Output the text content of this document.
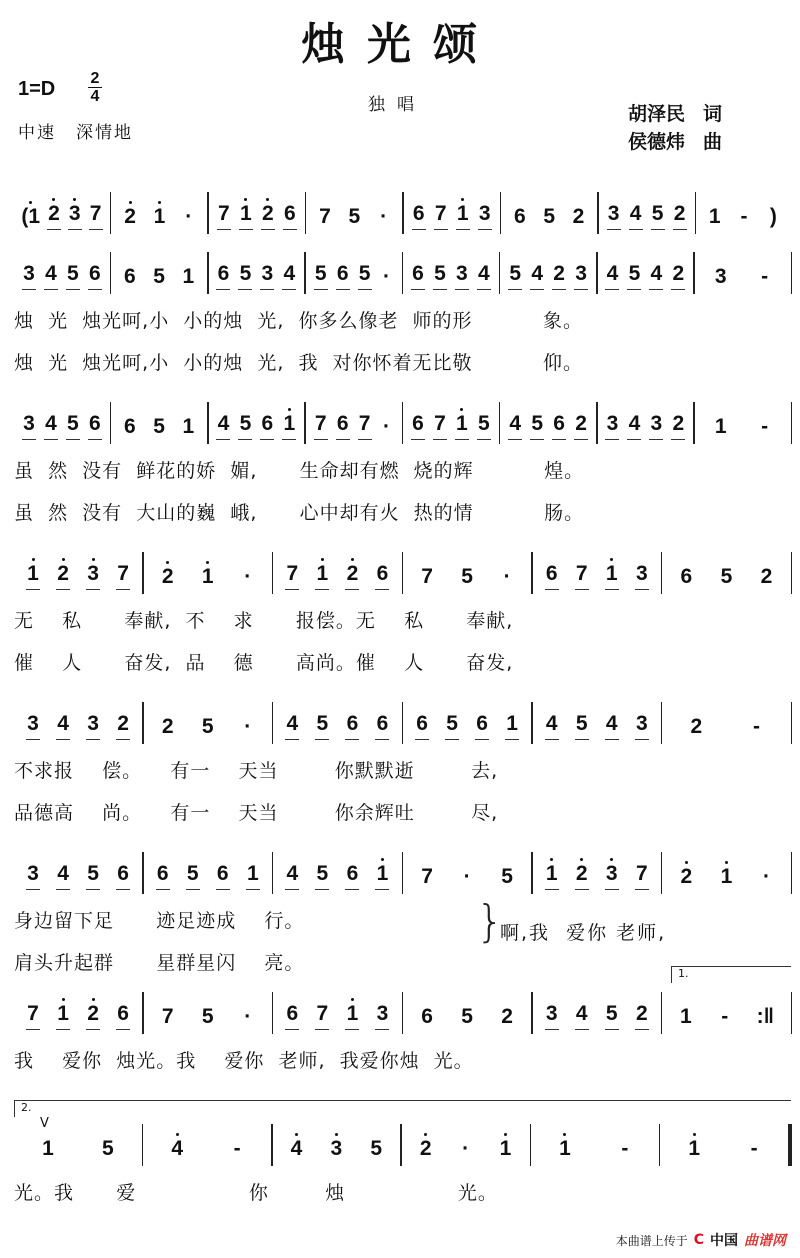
烛光颂
1=D 2
4
中速 深情地
独唱	胡泽民 词
侯德炜 曲
(1 2 3 7 2 1 · 7 1 2 6 7 5 · 6 7 1 3 6 5 2 3 4 5 2 1 - )
3 4 5 6 6 5 1 6 5 3 4 5 6 5 · 6 5 3 4 5 4 2 3 4 5 4 2 3 -
烛  光  烛光呵,小  小的烛  光,  你多么像老  师的形          象。
烛  光  烛光呵,小  小的烛  光,  我  对你怀着无比敬          仰。
3 4 5 6 6 5 1 4 5 6 1 7 6 7 · 6 7 1 5 4 5 6 2 3 4 3 2 1 -
虽  然  没有  鲜花的娇  媚,      生命却有燃  烧的辉          煌。
虽  然  没有  大山的巍  峨,      心中却有火  热的情          肠。
1 2 3 7 2 1 · 7 1 2 6 7 5 · 6 7 1 3 6 5 2
无    私      奉献,  不    求      报偿。无    私      奉献,
催    人      奋发,  品    德      高尚。催    人      奋发,
3 4 3 2 2 5 · 4 5 6 6 6 5 6 1 4 5 4 3 2 -
不求报    偿。    有一    天当        你默默逝        去,
品德高    尚。    有一    天当        你余辉吐        尽,
3 4 5 6 6 5 6 1 4 5 6 1 7 · 5 1 2 3 7 2 1 ·
身边留下足      迹足迹成    行。
肩头升起群      星群星闪    亮。
}
啊,我  爱你 老师,
7 1 2 6 7 5 · 6 7 1 3 6 5 2 3 4 5 2 1 - :‖
1.
我    爱你  烛光。我    爱你  老师,  我爱你烛  光。
1 5	4 - 4 3 5 2 · 1 1 -	1 -
2.
V
光。我      爱                你        烛                光。
本曲谱上传于 C 中国 曲谱网
